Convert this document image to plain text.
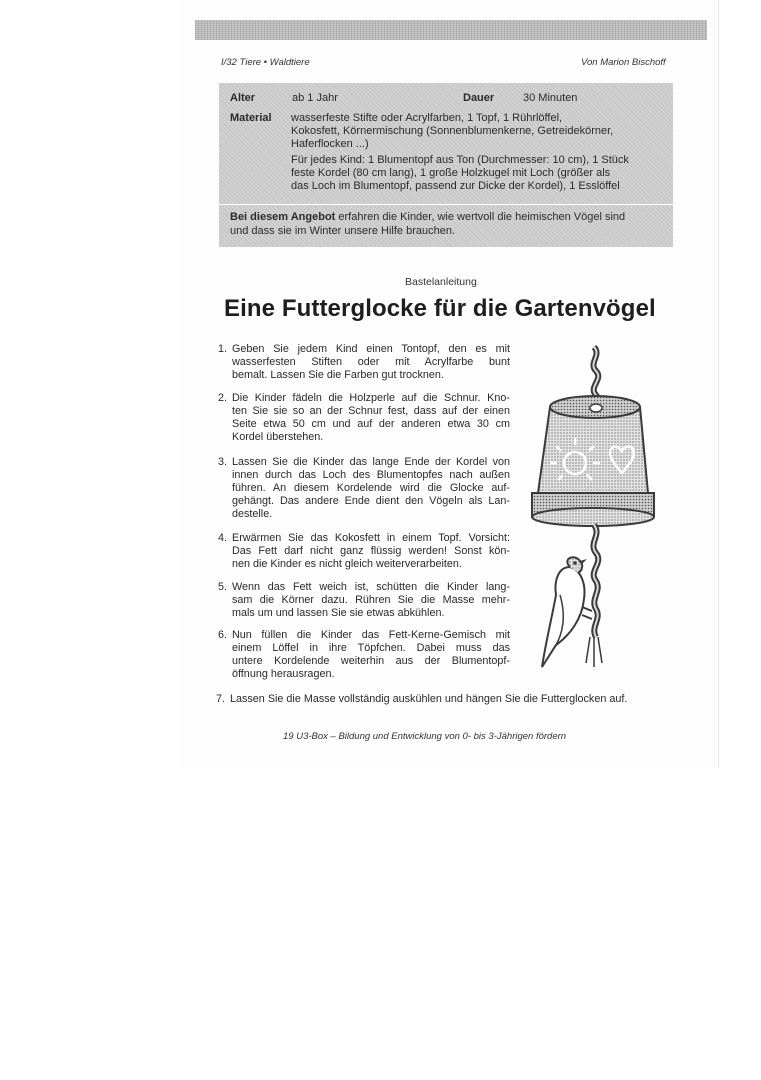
I/32 Tiere • Waldtiere	Von Marion Bischoff
Alter	ab 1 Jahr	Dauer	30 Minuten
Material wasserfeste Stifte oder Acrylfarben, 1 Topf, 1 Rührlöffel,
Kokosfett, Körnermischung (Sonnenblumenkerne, Getreidekörner,
Haferflocken ...)
Für jedes Kind: 1 Blumentopf aus Ton (Durchmesser: 10 cm), 1 Stück
feste Kordel (80 cm lang), 1 große Holzkugel mit Loch (größer als
das Loch im Blumentopf, passend zur Dicke der Kordel), 1 Esslöffel
Bei diesem Angebot erfahren die Kinder, wie wertvoll die heimischen Vögel sind
und dass sie im Winter unsere Hilfe brauchen.
Bastelanleitung
Eine Futterglocke für die Gartenvögel
1. Geben Sie jedem Kind einen Tontopf, den es mit
wasserfesten Stiften oder mit Acrylfarbe bunt
bemalt. Lassen Sie die Farben gut trocknen.
2. Die Kinder fädeln die Holzperle auf die Schnur. Kno-
ten Sie sie so an der Schnur fest, dass auf der einen
Seite etwa 50 cm und auf der anderen etwa 30 cm
Kordel überstehen.
3. Lassen Sie die Kinder das lange Ende der Kordel von
innen durch das Loch des Blumentopfes nach außen
führen. An diesem Kordelende wird die Glocke auf-
gehängt. Das andere Ende dient den Vögeln als Lan-
destelle.
4. Erwärmen Sie das Kokosfett in einem Topf. Vorsicht:
Das Fett darf nicht ganz flüssig werden! Sonst kön-
nen die Kinder es nicht gleich weiterverarbeiten.
5. Wenn das Fett weich ist, schütten die Kinder lang-
sam die Körner dazu. Rühren Sie die Masse mehr-
mals um und lassen Sie sie etwas abkühlen.
6. Nun füllen die Kinder das Fett-Kerne-Gemisch mit
einem Löffel in ihre Töpfchen. Dabei muss das
untere Kordelende weiterhin aus der Blumentopf-
öffnung herausragen.
7. Lassen Sie die Masse vollständig auskühlen und hängen Sie die Futterglocken auf.
19 U3-Box – Bildung und Entwicklung von 0- bis 3-Jährigen fördern
